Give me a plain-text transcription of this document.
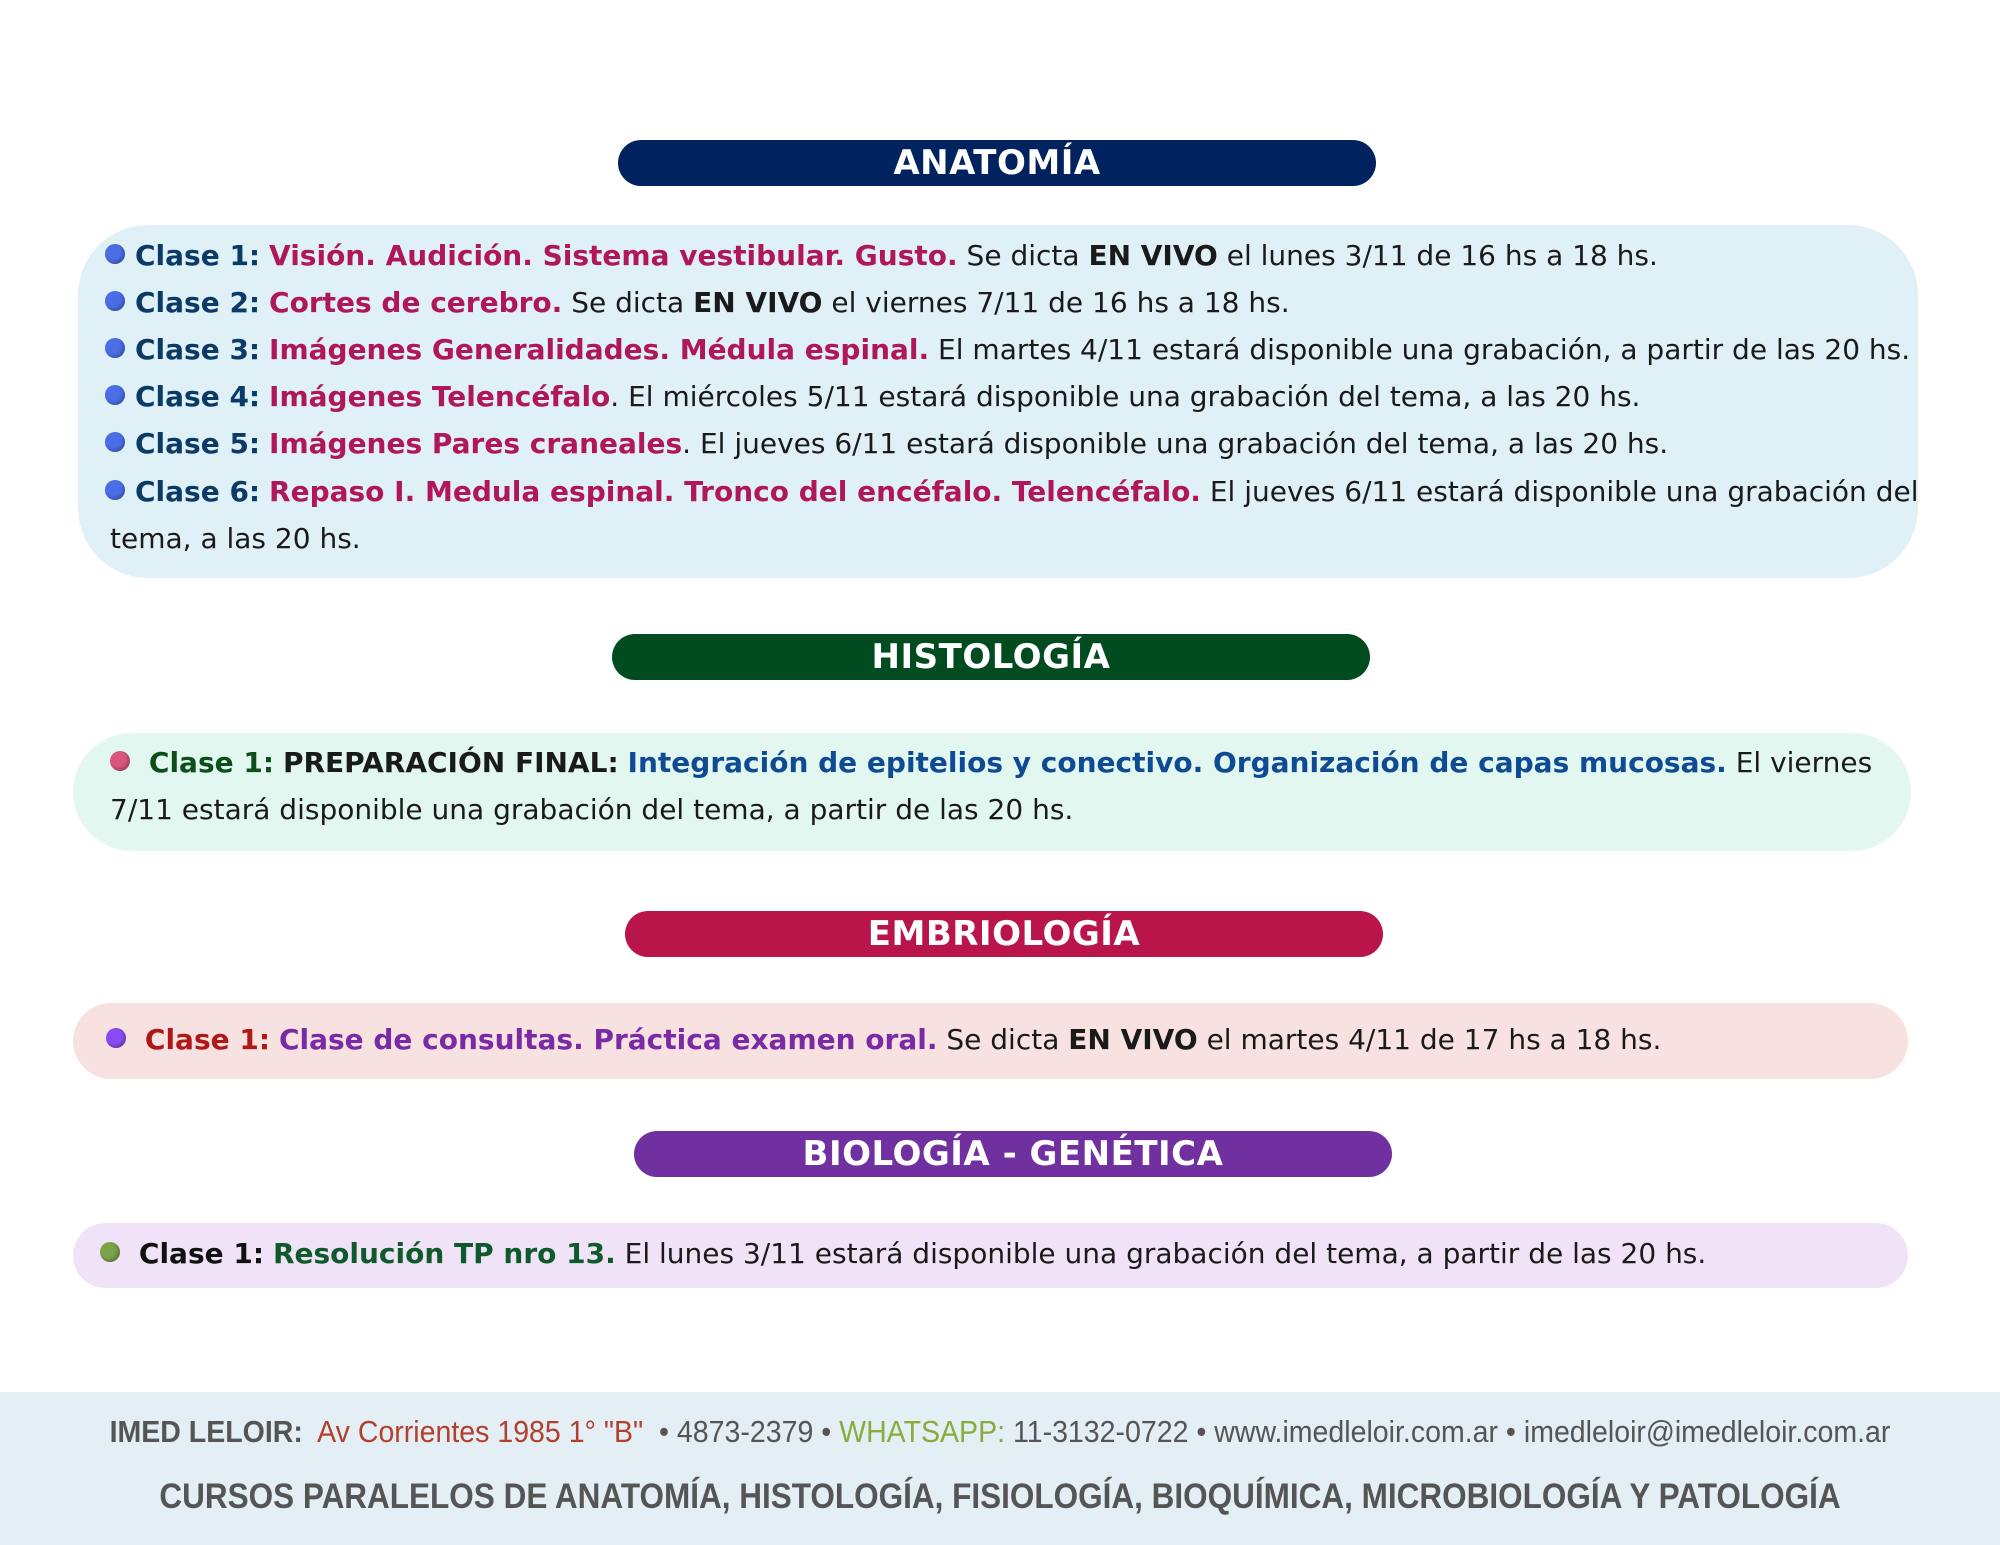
ANATOMÍA
Clase 1: Visión. Audición. Sistema vestibular. Gusto. Se dicta EN VIVO el lunes 3/11 de 16 hs a 18 hs.
Clase 2: Cortes de cerebro. Se dicta EN VIVO el viernes 7/11 de 16 hs a 18 hs.
Clase 3: Imágenes Generalidades. Médula espinal. El martes 4/11 estará disponible una grabación, a partir de las 20 hs.
Clase 4: Imágenes Telencéfalo. El miércoles 5/11 estará disponible una grabación del tema, a las 20 hs.
Clase 5: Imágenes Pares craneales. El jueves 6/11 estará disponible una grabación del tema, a las 20 hs.
Clase 6: Repaso I. Medula espinal. Tronco del encéfalo. Telencéfalo. El jueves 6/11 estará disponible una grabación del tema, a las 20 hs.
HISTOLOGÍA
Clase 1: PREPARACIÓN FINAL: Integración de epitelios y conectivo. Organización de capas mucosas. El viernes 7/11 estará disponible una grabación del tema, a partir de las 20 hs.
EMBRIOLOGÍA
Clase 1: Clase de consultas. Práctica examen oral. Se dicta EN VIVO el martes 4/11 de 17 hs a 18 hs.
BIOLOGÍA - GENÉTICA
Clase 1: Resolución TP nro 13. El lunes 3/11 estará disponible una grabación del tema, a partir de las 20 hs.
IMED LELOIR: Av Corrientes 1985 1° "B" • 4873-2379 • WHATSAPP: 11-3132-0722 • www.imedleloir.com.ar • imedleloir@imedleloir.com.ar
CURSOS PARALELOS DE ANATOMÍA, HISTOLOGÍA, FISIOLOGÍA, BIOQUÍMICA, MICROBIOLOGÍA Y PATOLOGÍA
